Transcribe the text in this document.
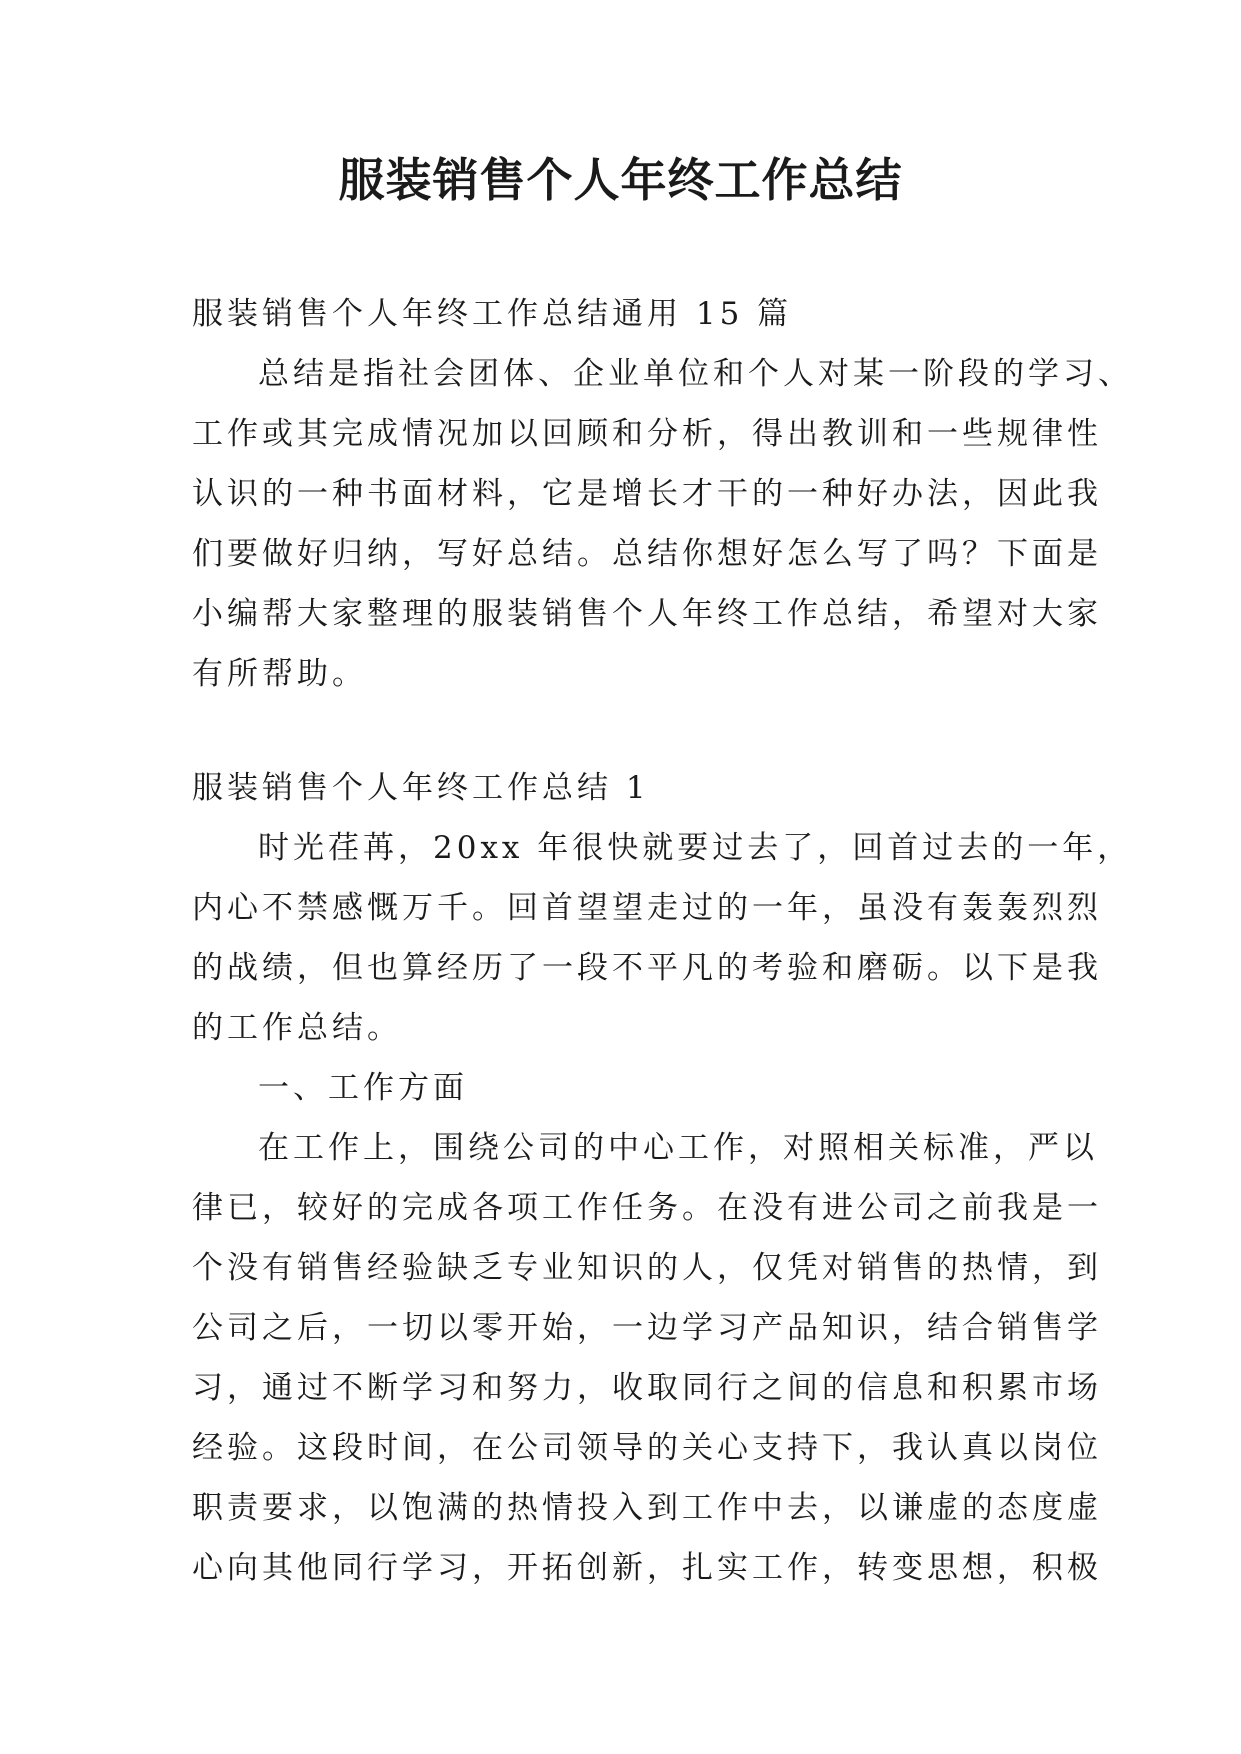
服装销售个人年终工作总结
服装销售个人年终工作总结通用 15 篇
总结是指社会团体、企业单位和个人对某一阶段的学习、
工作或其完成情况加以回顾和分析，得出教训和一些规律性
认识的一种书面材料，它是增长才干的一种好办法，因此我
们要做好归纳，写好总结。总结你想好怎么写了吗？下面是
小编帮大家整理的服装销售个人年终工作总结，希望对大家
有所帮助。
服装销售个人年终工作总结 1
时光荏苒，20xx 年很快就要过去了，回首过去的一年，
内心不禁感慨万千。回首望望走过的一年，虽没有轰轰烈烈
的战绩，但也算经历了一段不平凡的考验和磨砺。以下是我
的工作总结。
一、工作方面
在工作上，围绕公司的中心工作，对照相关标准，严以
律已，较好的完成各项工作任务。在没有进公司之前我是一
个没有销售经验缺乏专业知识的人，仅凭对销售的热情，到
公司之后，一切以零开始，一边学习产品知识，结合销售学
习，通过不断学习和努力，收取同行之间的信息和积累市场
经验。这段时间，在公司领导的关心支持下，我认真以岗位
职责要求，以饱满的热情投入到工作中去，以谦虚的态度虚
心向其他同行学习，开拓创新，扎实工作，转变思想，积极
